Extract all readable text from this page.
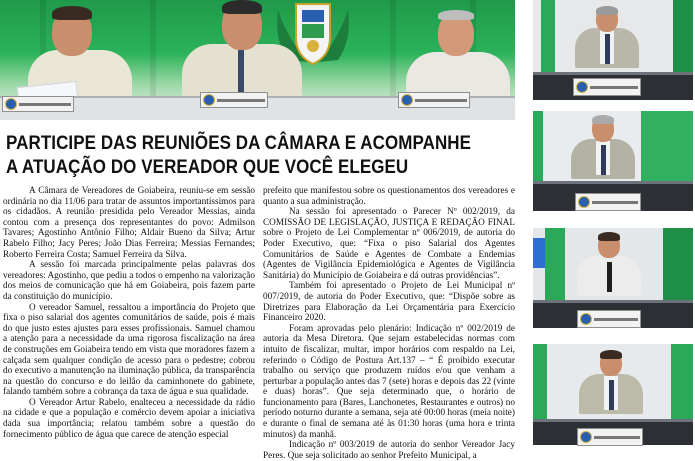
PARTICIPE DAS REUNIÕES DA CÂMARA E ACOMPANHE
A ATUAÇÃO DO VEREADOR QUE VOCÊ ELEGEU

A Câmara de Vereadores de Goiabeira, reuniu-se em sessão ordinária no dia 11/06 para tratar de assuntos importantíssimos para os cidadãos. A reunião presidida pelo Vereador Messias, ainda contou com a presença dos representantes do povo: Admilson Tavares; Agostinho Antônio Filho; Aldair Bueno da Silva; Artur Rabelo Filho; Jacy Peres; João Dias Ferreira; Messias Fernandes; Roberto Ferreira Costa; Samuel Ferreira da Silva.

A sessão foi marcada principalmente pelas palavras dos vereadores: Agostinho, que pediu a todos o empenho na valorização dos meios de comunicação que há em Goiabeira, pois fazem parte da constituição do município.

O vereador Samuel, ressaltou a importância do Projeto que fixa o piso salarial dos agentes comunitários de saúde, pois é mais do que justo estes ajustes para esses profissionais. Samuel chamou a atenção para a necessidade da uma rigorosa fiscalização na área de construções em Goiabeira tendo em vista que moradores fazem a calçada sem qualquer condição de acesso para o pedestre; cobrou do executivo a manutenção na iluminação pública, da transparência na questão do concurso e do leilão da caminhonete do gabinete, falando também sobre a cobrança da taxa de água e sua qualidade.

O Vereador Artur Rabelo, enalteceu a necessidade da rádio na cidade e que a população e comércio devem apoiar a iniciativa dada sua importância; relatou também sobre a questão do fornecimento público de água que carece de atenção especial

prefeito que manifestou sobre os questionamentos dos vereadores e quanto a sua administração.

Na sessão foi apresentado o Parecer Nº 002/2019, da COMISSÃO DE LEGISLAÇÃO, JUSTIÇA E REDAÇÃO FINAL sobre o Projeto de Lei Complementar nº 006/2019, de autoria do Poder Executivo, que: “Fixa o piso Salarial dos Agentes Comunitários de Saúde e Agentes de Combate a Endemias (Agentes de Vigilância Epidemiológica e Agentes de Vigilância Sanitária) do Município de Goiabeira e dá outras providências”.

Também foi apresentado o Projeto de Lei Municipal nº 007/2019, de autoria do Poder Executivo, que: “Dispõe sobre as Diretrizes para Elaboração da Lei Orçamentária para Exercício Financeiro 2020.

Foram aprovadas pelo plenário: Indicação nº 002/2019 de autoria da Mesa Diretora. Que sejam estabelecidas normas com intuito de fiscalizar, multar, impor horários com respaldo na Lei, referindo o Código de Postura Art.137 – “ É proibido executar trabalho ou serviço que produzem ruídos e/ou que venham a perturbar a população antes das 7 (sete) horas e depois das 22 (vinte e duas) horas”. Que seja determinado que, o horário de funcionamento para (Bares, Lanchonetes, Restaurantes e outros) no período noturno durante a semana, seja até 00:00 horas (meia noite) e durante o final de semana até às 01:30 horas (uma hora e trinta minutos) da manhã.

Indicação nº 003/2019 de autoria do senhor Vereador Jacy Peres. Que seja solicitado ao senhor Prefeito Municipal, a
